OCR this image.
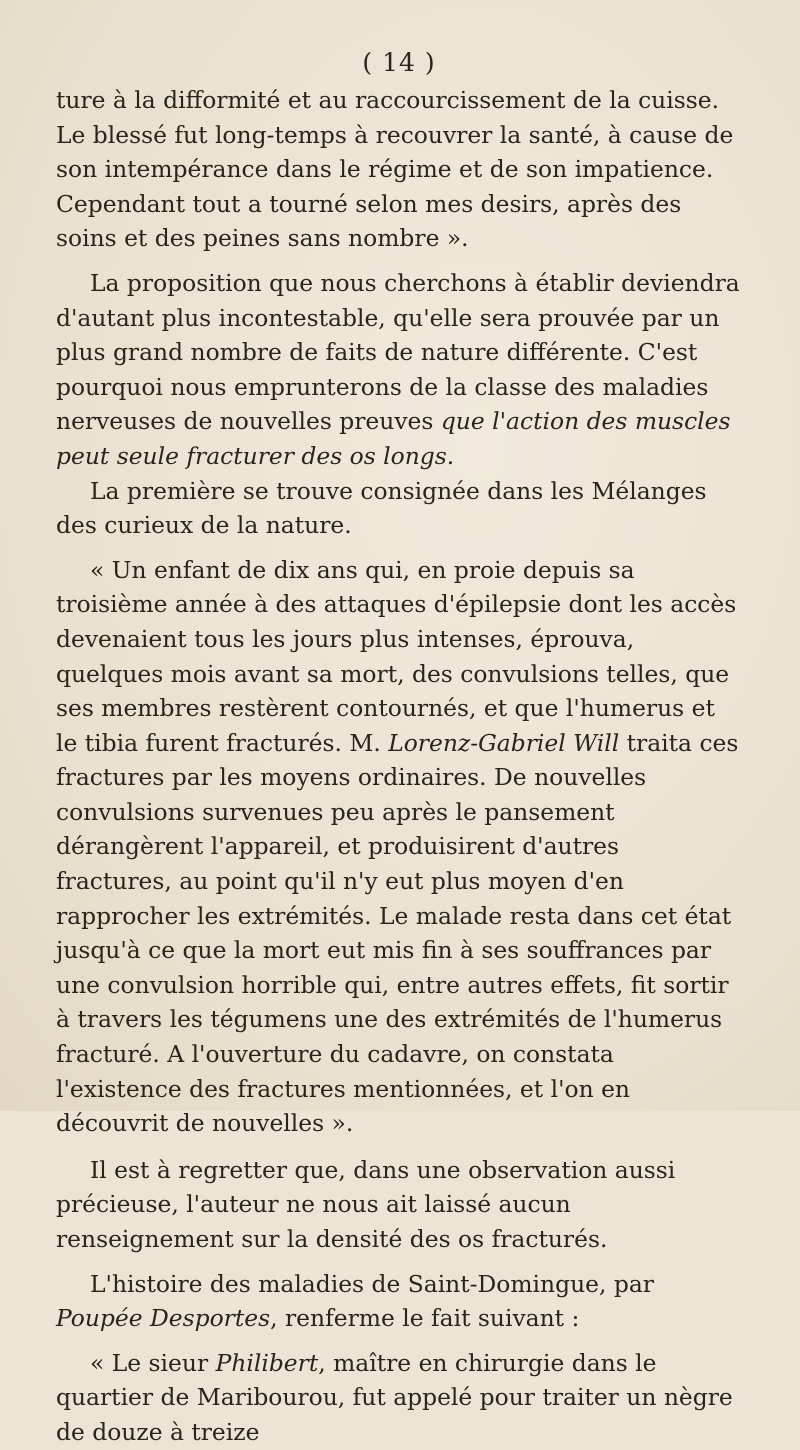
( 14 )

ture à la difformité et au raccourcissement de la cuisse. Le blessé fut long-temps à recouvrer la santé, à cause de son intempérance dans le régime et de son impatience. Cependant tout a tourné selon mes desirs, après des soins et des peines sans nombre ».

La proposition que nous cherchons à établir deviendra d'autant plus incontestable, qu'elle sera prouvée par un plus grand nombre de faits de nature différente. C'est pourquoi nous emprunterons de la classe des maladies nerveuses de nouvelles preuves que l'action des muscles peut seule fracturer des os longs.

La première se trouve consignée dans les Mélanges des curieux de la nature.

« Un enfant de dix ans qui, en proie depuis sa troisième année à des attaques d'épilepsie dont les accès devenaient tous les jours plus intenses, éprouva, quelques mois avant sa mort, des convulsions telles, que ses membres restèrent contournés, et que l'humerus et le tibia furent fracturés. M. Lorenz-Gabriel Will traita ces fractures par les moyens ordinaires. De nouvelles convulsions survenues peu après le pansement dérangèrent l'appareil, et produisirent d'autres fractures, au point qu'il n'y eut plus moyen d'en rapprocher les extrémités. Le malade resta dans cet état jusqu'à ce que la mort eut mis fin à ses souffrances par une convulsion horrible qui, entre autres effets, fit sortir à travers les tégumens une des extrémités de l'humerus fracturé. A l'ouverture du cadavre, on constata l'existence des fractures mentionnées, et l'on en découvrit de nouvelles ».

Il est à regretter que, dans une observation aussi précieuse, l'auteur ne nous ait laissé aucun renseignement sur la densité des os fracturés.

L'histoire des maladies de Saint-Domingue, par Poupée Desportes, renferme le fait suivant :

« Le sieur Philibert, maître en chirurgie dans le quartier de Maribourou, fut appelé pour traiter un nègre de douze à treize
